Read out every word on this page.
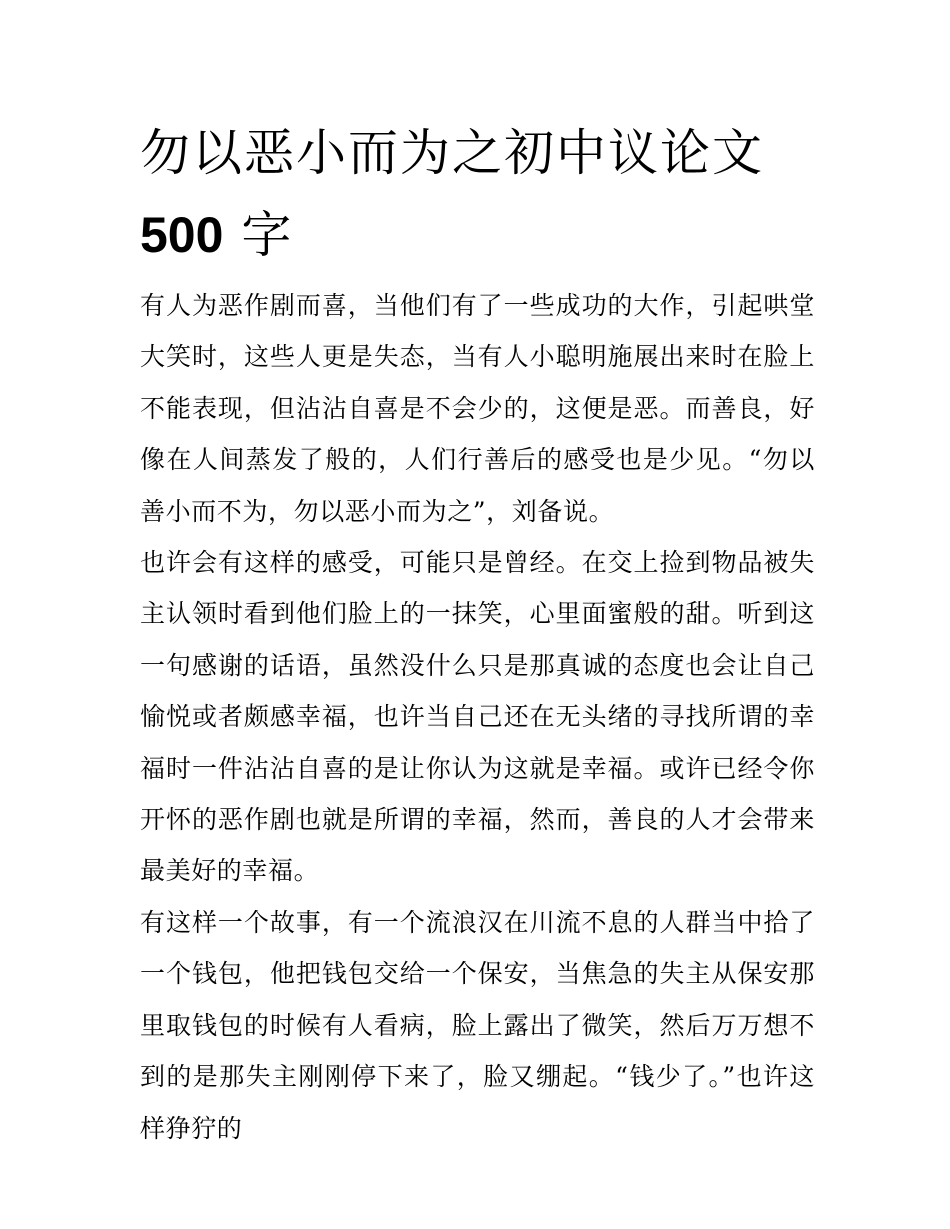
勿以恶小而为之初中议论文
500 字

有人为恶作剧而喜，当他们有了一些成功的大作，引起哄堂大笑时，这些人更是失态，当有人小聪明施展出来时在脸上不能表现，但沾沾自喜是不会少的，这便是恶。而善良，好像在人间蒸发了般的，人们行善后的感受也是少见。“勿以善小而不为，勿以恶小而为之”，刘备说。

也许会有这样的感受，可能只是曾经。在交上捡到物品被失主认领时看到他们脸上的一抹笑，心里面蜜般的甜。听到这一句感谢的话语，虽然没什么只是那真诚的态度也会让自己愉悦或者颇感幸福，也许当自己还在无头绪的寻找所谓的幸福时一件沾沾自喜的是让你认为这就是幸福。或许已经令你开怀的恶作剧也就是所谓的幸福，然而，善良的人才会带来最美好的幸福。

有这样一个故事，有一个流浪汉在川流不息的人群当中拾了一个钱包，他把钱包交给一个保安，当焦急的失主从保安那里取钱包的时候有人看病，脸上露出了微笑，然后万万想不到的是那失主刚刚停下来了，脸又绷起。“钱少了。”也许这样狰狞的
